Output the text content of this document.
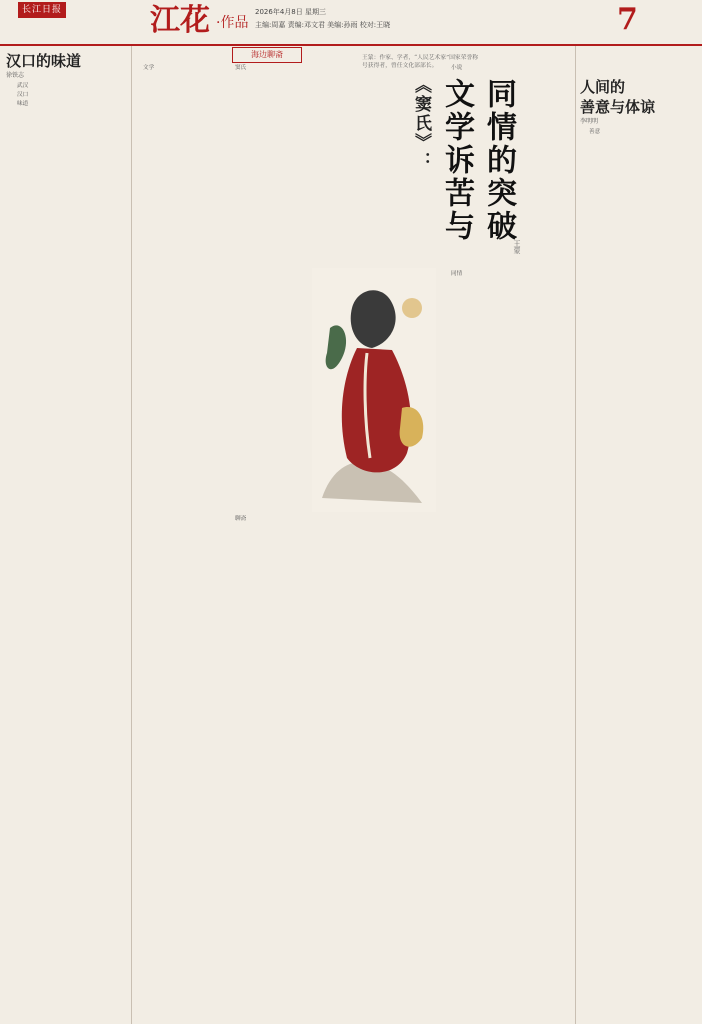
长江日报	江花 ·作品
2026年4月8日 星期三
主编:周嘉 责编:邓文君 美编:孙雨 校对:王晓	7
汉口的味道
徐铁志

武汉

汉口

味道

海边聊斋	王蒙：作家、学者，“人民艺术家”国家荣誉称号获得者，曾任文化部部长。
同情的突破
文学诉苦与
《窦氏》：
王蒙

文学	窦氏

聊斋

同情

小说

人间的
善意与体谅
李明明

善意
